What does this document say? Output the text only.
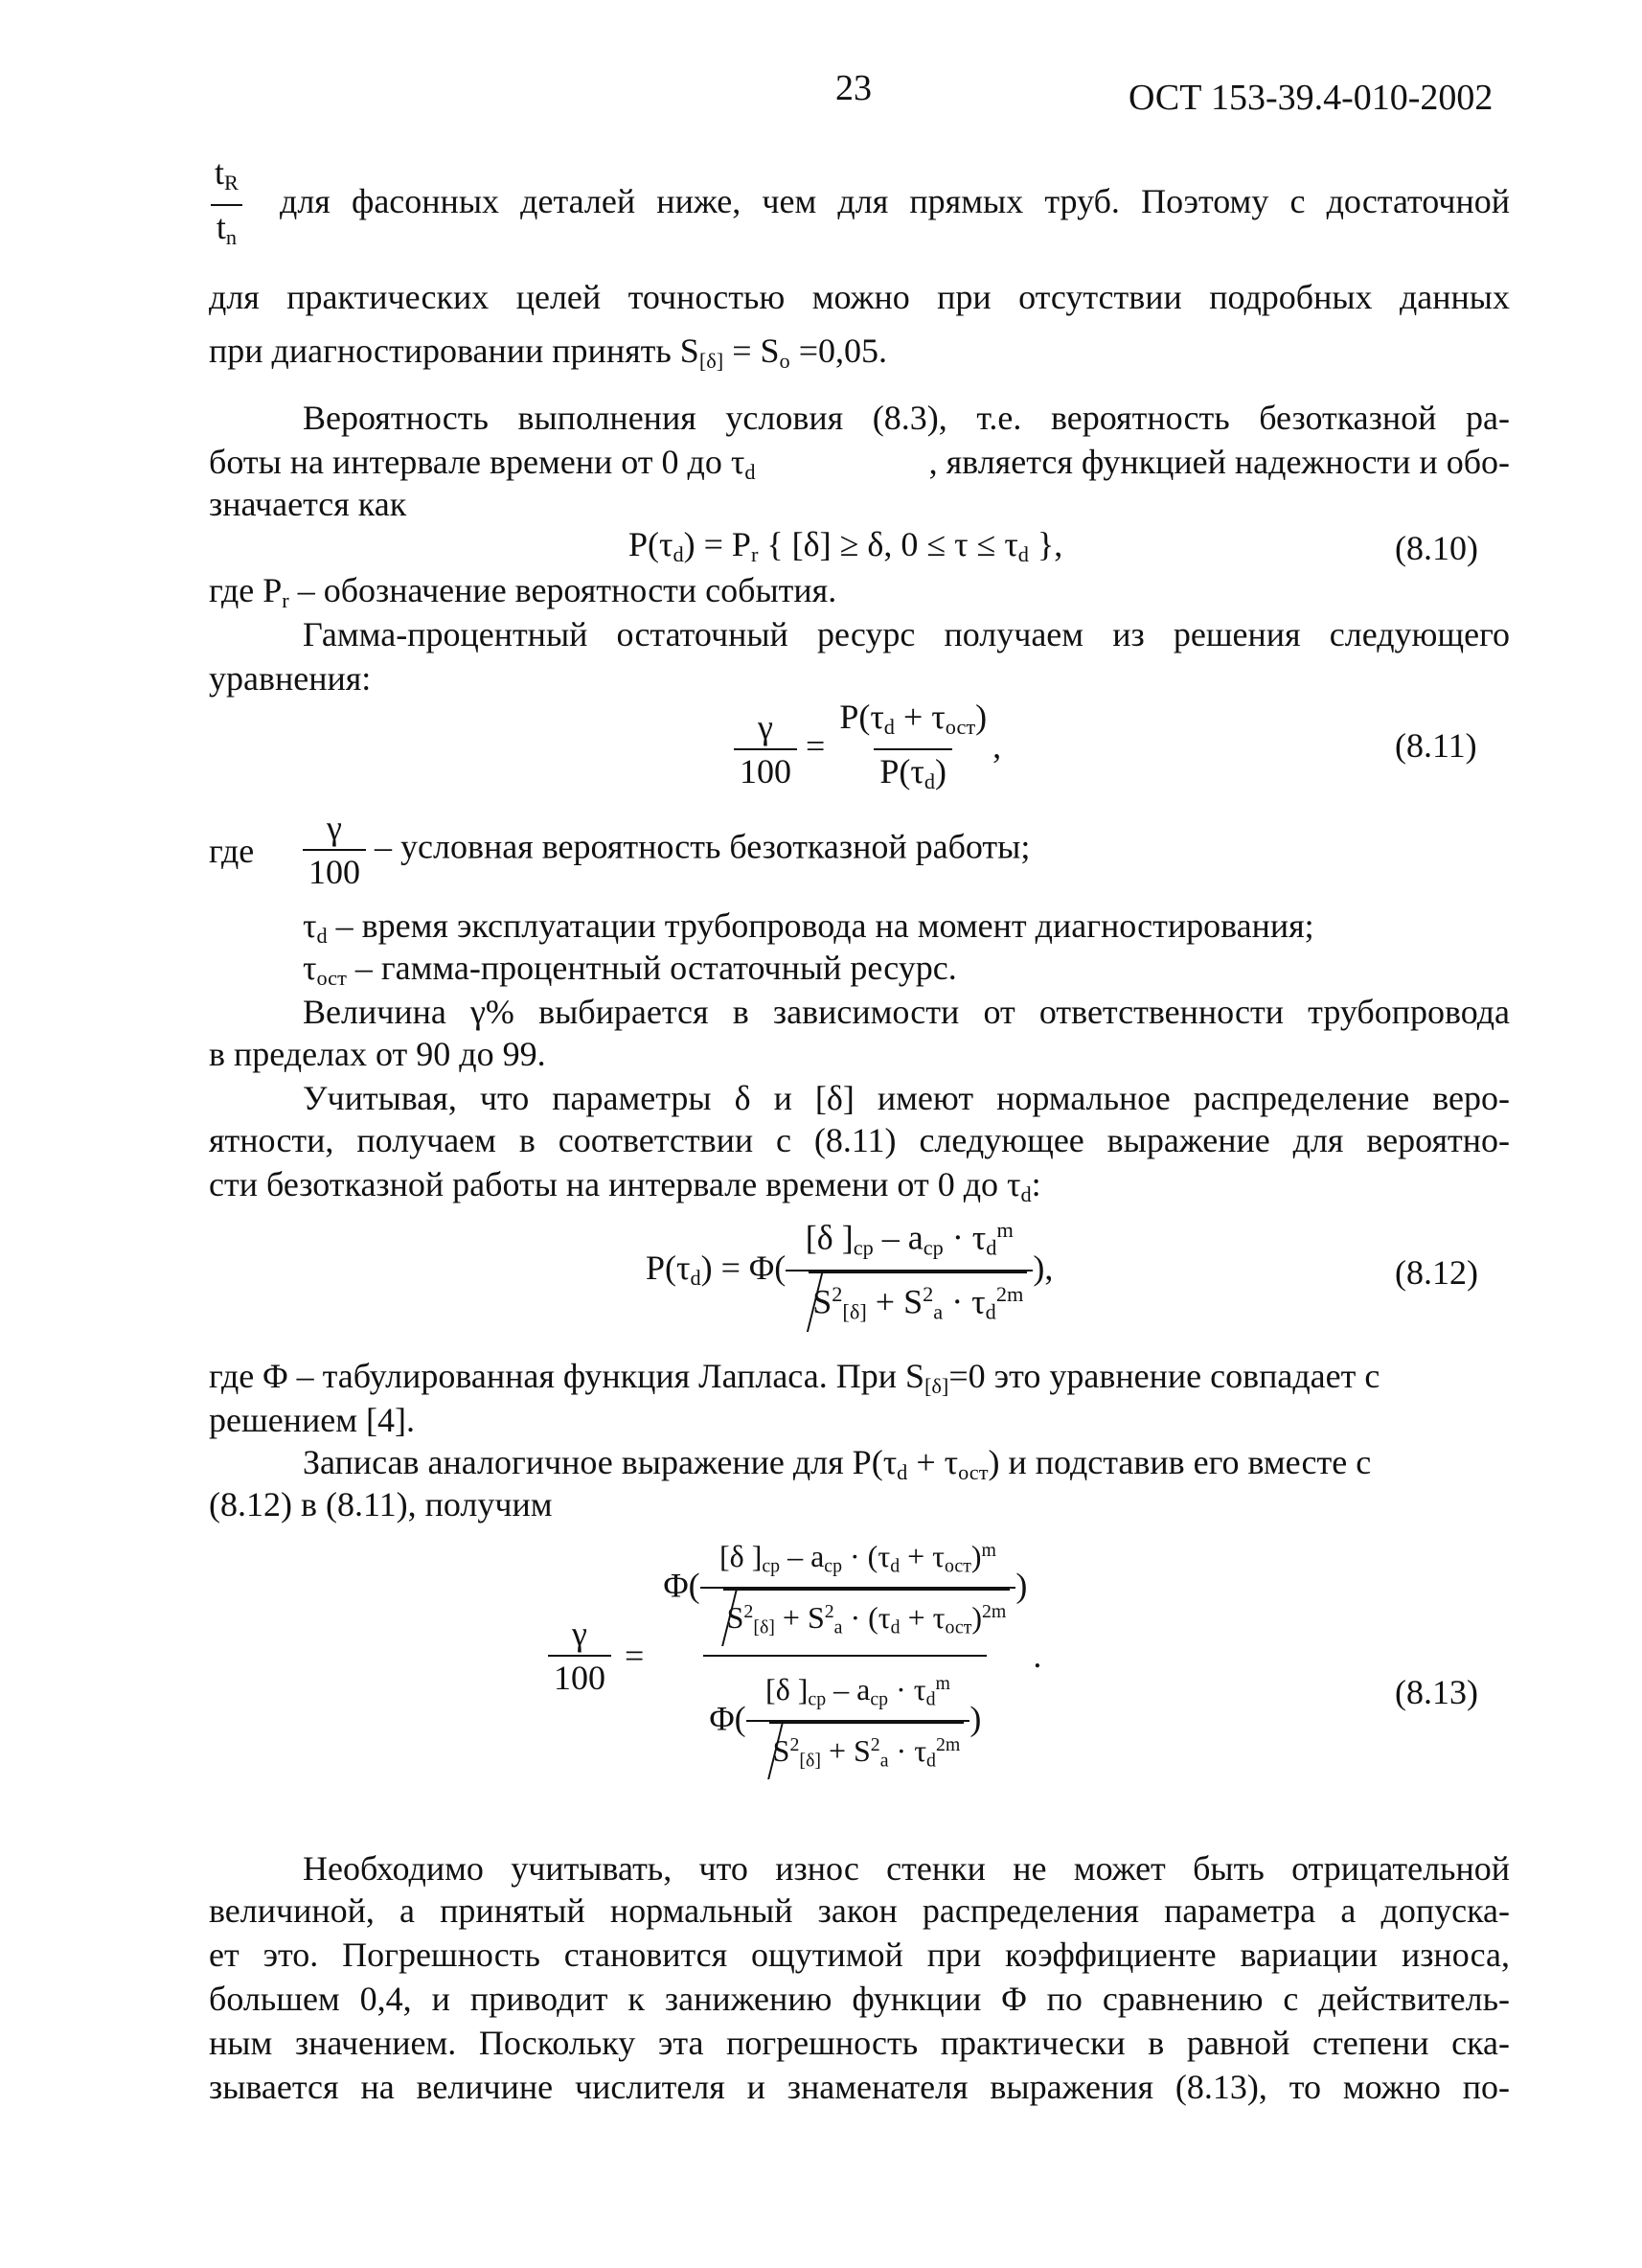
23	ОСТ 153-39.4-010-2002
$\frac{t_R}{t_n}$ для фасонных деталей ниже, чем для прямых труб. Поэтому с достаточной
для практических целей точностью можно при отсутствии подробных данных
при диагностировании принять $S_{[\delta]} = S_o =0,05$.
Вероятность выполнения условия (8.3), т.е. вероятность безотказной ра-
боты на интервале времени от 0 до $\tau_d$	, является функцией надежности и обо-
значается как
$P(\tau_d) = P_r$ { [δ] ≥ δ, $0 \le \tau \le \tau_d$ },	(8.10)
где $P_r$ – обозначение вероятности события.
Гамма-процентный остаточный ресурс получаем из решения следующего
уравнения:
$\frac{\gamma}{100} = \frac{P(\tau_d + \tau_{ост})}{P(\tau_d)}$ ,	(8.11)
где $\frac{\gamma}{100}$ – условная вероятность безотказной работы;
$\tau_d$ – время эксплуатации трубопровода на момент диагностирования;
$\tau_{ост}$ – гамма-процентный остаточный ресурс.
Величина γ% выбирается в зависимости от ответственности трубопровода
в пределах от 90 до 99.
Учитывая, что параметры δ и [δ] имеют нормальное распределение веро-
ятности, получаем в соответствии с (8.11) следующее выражение для вероятно-
сти безотказной работы на интервале времени от 0 до $\tau_d$:
$P(\tau_d) = \Phi( \frac{[\delta ]_{cp} - a_{cp} \cdot \tau_d^m}{S^2_{[\delta]} + S^2_a \cdot \tau_d^{2m}}$ ),	(8.12)
где Φ – табулированная функция Лапласа. При $S_{[\delta]}=0$ это уравнение совпадает с
решением [4].
Записав аналогичное выражение для $P(\tau_d + \tau_{ост})$ и подставив его вместе с
(8.12) в (8.11), получим
$\frac{\gamma}{100}$ =
$\Phi( \frac{[\delta ]_{cp} - a_{cp} \cdot (\tau_d + \tau_{ост})^m}{S^2_{[\delta]} + S^2_a \cdot (\tau_d + \tau_{ост})^{2m}}$ )
$\Phi( \frac{[\delta ]_{cp} - a_{cp} \cdot \tau_d^m}{S^2_{[\delta]} + S^2_a \cdot \tau_d^{2m}}$ )
.
(8.13)
Необходимо учитывать, что износ стенки не может быть отрицательной
величиной, а принятый нормальный закон распределения параметра а допуска-
ет это. Погрешность становится ощутимой при коэффициенте вариации износа,
большем 0,4, и приводит к занижению функции Φ по сравнению с действитель-
ным значением. Поскольку эта погрешность практически в равной степени ска-
зывается на величине числителя и знаменателя выражения (8.13), то можно по-
